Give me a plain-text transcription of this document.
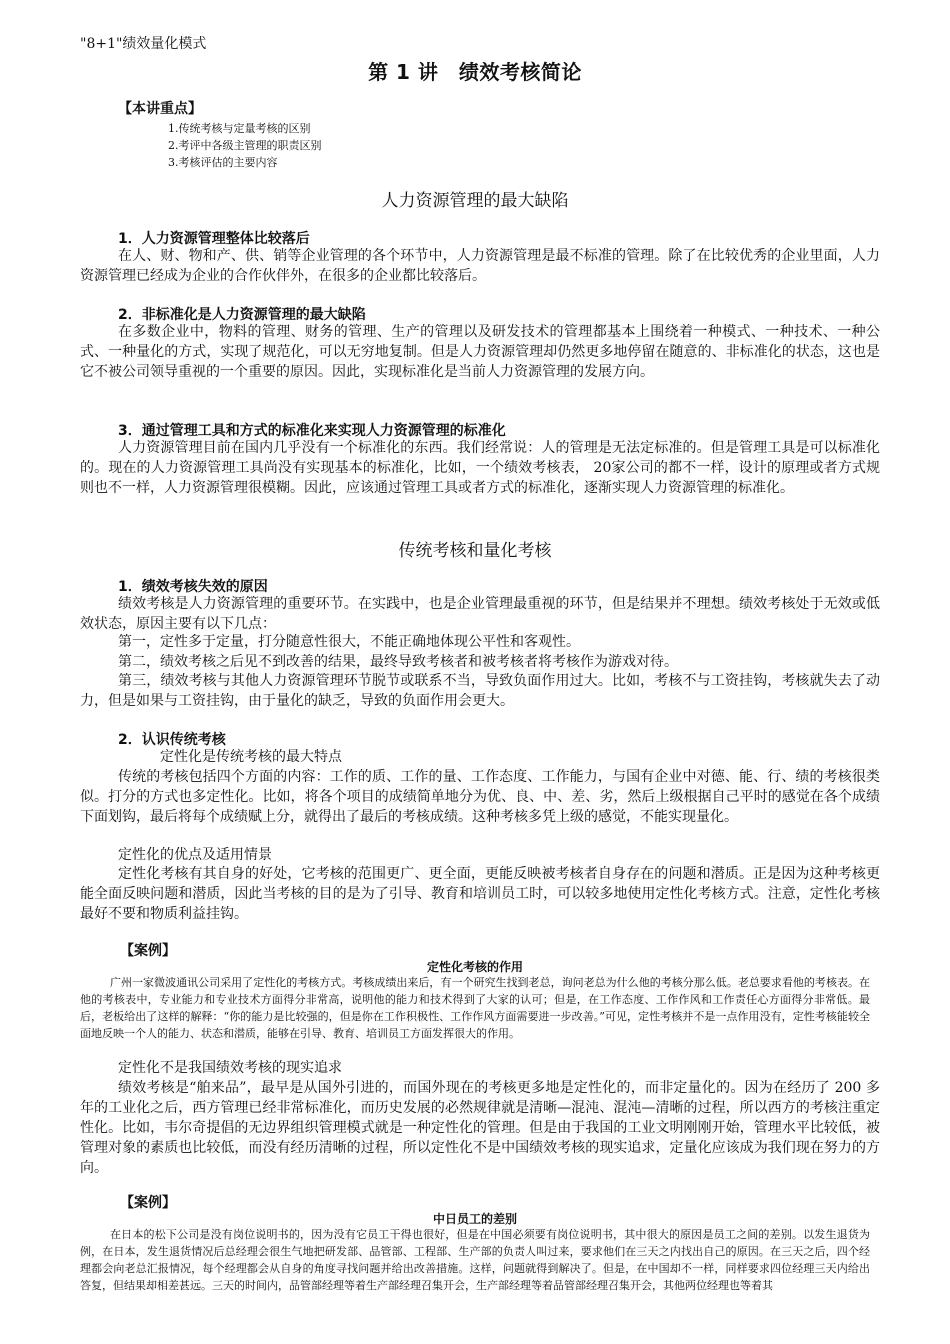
"8+1"绩效量化模式
第 1 讲　绩效考核简论
【本讲重点】
1.传统考核与定量考核的区别
2.考评中各级主管理的职责区别
3.考核评估的主要内容
人力资源管理的最大缺陷
1．人力资源管理整体比较落后
在人、财、物和产、供、销等企业管理的各个环节中，人力资源管理是最不标准的管理。除了在比较优秀的企业里面，人力资源管理已经成为企业的合作伙伴外，在很多的企业都比较落后。
2．非标准化是人力资源管理的最大缺陷
在多数企业中，物料的管理、财务的管理、生产的管理以及研发技术的管理都基本上围绕着一种模式、一种技术、一种公式、一种量化的方式，实现了规范化，可以无穷地复制。但是人力资源管理却仍然更多地停留在随意的、非标准化的状态，这也是它不被公司领导重视的一个重要的原因。因此，实现标准化是当前人力资源管理的发展方向。
3．通过管理工具和方式的标准化来实现人力资源管理的标准化
人力资源管理目前在国内几乎没有一个标准化的东西。我们经常说：人的管理是无法定标准的。但是管理工具是可以标准化的。现在的人力资源管理工具尚没有实现基本的标准化，比如，一个绩效考核表， 20家公司的都不一样，设计的原理或者方式规则也不一样，人力资源管理很模糊。因此，应该通过管理工具或者方式的标准化，逐渐实现人力资源管理的标准化。
传统考核和量化考核
1．绩效考核失效的原因
绩效考核是人力资源管理的重要环节。在实践中，也是企业管理最重视的环节，但是结果并不理想。绩效考核处于无效或低效状态，原因主要有以下几点：
第一，定性多于定量，打分随意性很大，不能正确地体现公平性和客观性。
第二，绩效考核之后见不到改善的结果，最终导致考核者和被考核者将考核作为游戏对待。
第三，绩效考核与其他人力资源管理环节脱节或联系不当，导致负面作用过大。比如，考核不与工资挂钩，考核就失去了动力，但是如果与工资挂钩，由于量化的缺乏，导致的负面作用会更大。
2．认识传统考核
定性化是传统考核的最大特点
传统的考核包括四个方面的内容：工作的质、工作的量、工作态度、工作能力，与国有企业中对德、能、行、绩的考核很类似。打分的方式也多定性化。比如，将各个项目的成绩简单地分为优、良、中、差、劣，然后上级根据自己平时的感觉在各个成绩下面划钩，最后将每个成绩赋上分，就得出了最后的考核成绩。这种考核多凭上级的感觉，不能实现量化。
定性化的优点及适用情景
定性化考核有其自身的好处，它考核的范围更广、更全面，更能反映被考核者自身存在的问题和潜质。正是因为这种考核更能全面反映问题和潜质，因此当考核的目的是为了引导、教育和培训员工时，可以较多地使用定性化考核方式。注意，定性化考核最好不要和物质利益挂钩。
【案例】
定性化考核的作用
广州一家微波通讯公司采用了定性化的考核方式。考核成绩出来后，有一个研究生找到老总，询问老总为什么他的考核分那么低。老总要求看他的考核表。在他的考核表中，专业能力和专业技术方面得分非常高，说明他的能力和技术得到了大家的认可；但是，在工作态度、工作作风和工作责任心方面得分非常低。最后，老板给出了这样的解释：“你的能力是比较强的，但是你在工作积极性、工作作风方面需要进一步改善。”可见，定性考核并不是一点作用没有，定性考核能较全面地反映一个人的能力、状态和潜质，能够在引导、教育、培训员工方面发挥很大的作用。
定性化不是我国绩效考核的现实追求
绩效考核是“舶来品”，最早是从国外引进的，而国外现在的考核更多地是定性化的，而非定量化的。因为在经历了 200 多年的工业化之后，西方管理已经非常标准化，而历史发展的必然规律就是清晰—混沌、混沌—清晰的过程，所以西方的考核注重定性化。比如，韦尔奇提倡的无边界组织管理模式就是一种定性化的管理。但是由于我国的工业文明刚刚开始，管理水平比较低，被管理对象的素质也比较低，而没有经历清晰的过程，所以定性化不是中国绩效考核的现实追求，定量化应该成为我们现在努力的方向。
【案例】
中日员工的差别
在日本的松下公司是没有岗位说明书的，因为没有它员工干得也很好，但是在中国必须要有岗位说明书，其中很大的原因是员工之间的差别。以发生退货为例，在日本，发生退货情况后总经理会很生气地把研发部、品管部、工程部、生产部的负责人叫过来，要求他们在三天之内找出自己的原因。在三天之后，四个经理都会向老总汇报情况，每个经理都会从自身的角度寻找问题并给出改善措施。这样，问题就得到解决了。但是，在中国却不一样，同样要求四位经理三天内给出答复，但结果却相差甚远。三天的时间内，品管部经理等着生产部经理召集开会，生产部经理等着品管部经理召集开会，其他两位经理也等着其
